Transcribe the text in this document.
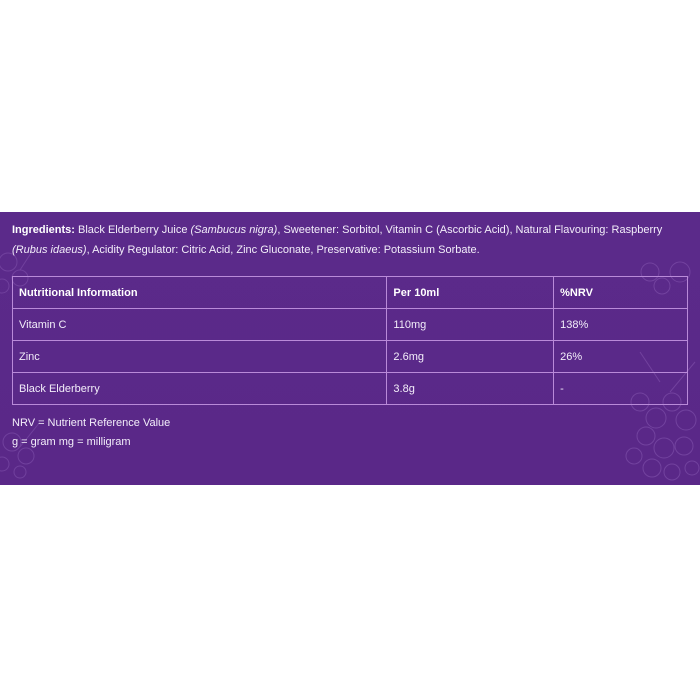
Ingredients: Black Elderberry Juice (Sambucus nigra), Sweetener: Sorbitol, Vitamin C (Ascorbic Acid), Natural Flavouring: Raspberry (Rubus idaeus), Acidity Regulator: Citric Acid, Zinc Gluconate, Preservative: Potassium Sorbate.
Nutritional Information	Per 10ml	%NRV
Vitamin C	110mg	138%
Zinc	2.6mg	26%
Black Elderberry	3.8g	-
NRV = Nutrient Reference Value
g = gram mg = milligram
